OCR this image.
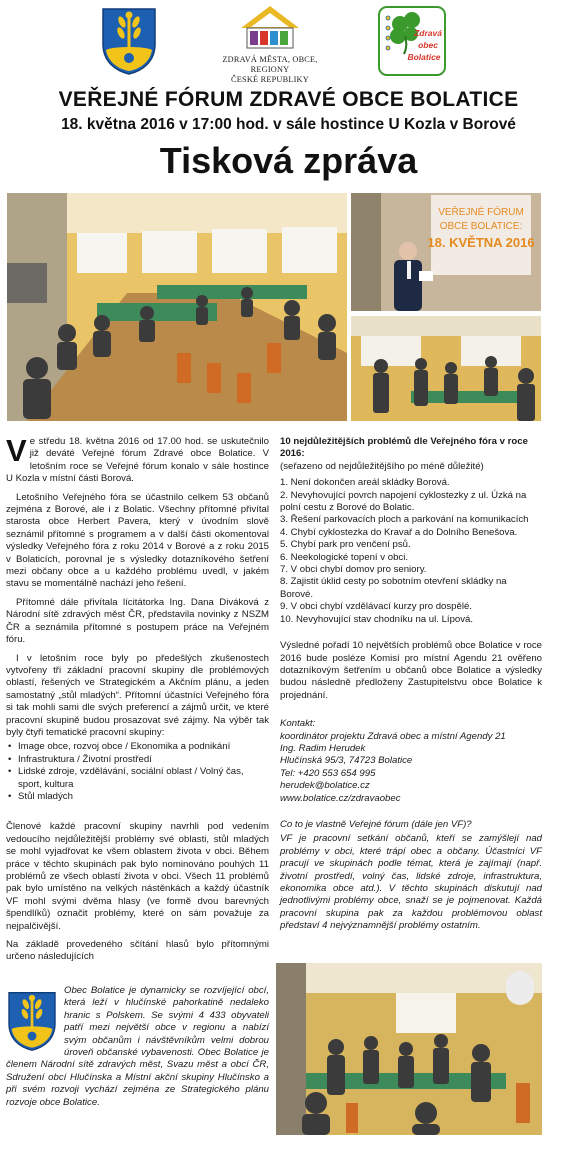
ZDRAVÁ MĚSTA, OBCE, REGIONY
ČESKÉ REPUBLIKY
Zdravá
obec
Bolatice
VEŘEJNÉ FÓRUM ZDRAVÉ OBCE BOLATICE
18. května 2016 v 17:00 hod. v sále hostince U Kozla v Borové
Tisková zpráva
VEŘEJNÉ FÓRUM
OBCE BOLATICE:
18. KVĚTNA 2016

Ve středu 18. května 2016 od 17.00 hod. se uskutečnilo již deváté Veřejné fórum Zdravé obce Bolatice. V letošním roce se Veřejné fórum konalo v sále hostince U Kozla v místní části Borová.

Letošního Veřejného fóra se účastnilo celkem 53 občanů zejména z Borové, ale i z Bolatic. Všechny přítomné přivítal starosta obce Herbert Pavera, který v úvodním slově seznámil přítomné s programem a v další části okomentoval výsledky Veřejného fóra z roku 2014 v Borové a z roku 2015 v Bolaticích, porovnal je s výsledky dotazníkového šetření mezi občany obce a u každého problému uvedl, v jakém stavu se momentálně nachází jeho řešení.

Přítomné dále přivítala lícitátorka Ing. Dana Diváková z Národní sítě zdravých měst ČR, představila novinky z NSZM ČR a seznámila přítomné s postupem práce na Veřejném fóru.

I v letošním roce byly po předešlých zkušenostech vytvořeny tři základní pracovní skupiny dle problémových oblastí, řešených ve Strategickém a Akčním plánu, a jeden samostatný „stůl mladých“. Přítomní účastníci Veřejného fóra si tak mohli sami dle svých preferencí a zájmů určit, ve které pracovní skupině budou prosazovat své zájmy. Na výběr tak byly čtyři tematické pracovní skupiny:

• Image obce, rozvoj obce / Ekonomika a podnikání
• Infrastruktura / Životní prostředí
• Lidské zdroje, vzdělávání, sociální oblast / Volný čas, sport, kultura
• Stůl mladých

Členové každé pracovní skupiny navrhli pod vedením vedoucího nejdůležitější problémy své oblasti, stůl mladých se mohl vyjadřovat ke všem oblastem života v obci. Během práce v těchto skupinách pak bylo nominováno pouhých 11 problémů ze všech oblastí života v obci. Všech 11 problémů pak bylo umístěno na velkých nástěnkách a každý účastník VF mohl svými dvěma hlasy (ve formě dvou barevných špendlíků) označit problémy, které on sám považuje za nejpalčivější.

Na základě provedeného sčítání hlasů bylo přítomnými určeno následujících

Obec Bolatice je dynamicky se rozvíjející obcí, která leží v hlučínské pahorkatině nedaleko hranic s Polskem. Se svými 4 433 obyvateli patří mezi největší obce v regionu a nabízí svým občanům i návštěvníkům velmi dobrou úroveň občanské vybavenosti. Obec Bolatice je členem Národní sítě zdravých měst, Svazu měst a obcí ČR, Sdružení obcí Hlučínska a Místní akční skupiny Hlučínsko a při svém rozvoji vychází zejména ze Strategického plánu rozvoje obce Bolatice.

10 nejdůležitějších problémů dle Veřejného fóra v roce 2016:
(seřazeno od nejdůležitějšího po méně důležité)
1. Není dokončen areál skládky Borová.
2. Nevyhovující povrch napojení cyklostezky z ul. Úzká na polní cestu z Borové do Bolatic.
3. Řešení parkovacích ploch a parkování na komunikacích
4. Chybí cyklostezka do Kravař a do Dolního Benešova.
5. Chybí park pro venčení psů.
6. Neekologické topení v obci.
7. V obci chybí domov pro seniory.
8. Zajistit úklid cesty po sobotním otevření skládky na Borové.
9. V obci chybí vzdělávací kurzy pro dospělé.
10. Nevyhovující stav chodníku na ul. Lípová.

Výsledné pořadí 10 největších problémů obce Bolatice v roce 2016 bude posléze Komisí pro místní Agendu 21 ověřeno dotazníkovým šetřením u občanů obce Bolatice a výsledky budou následně předloženy Zastupitelstvu obce Bolatice k projednání.

Kontakt:
koordinátor projektu Zdravá obec a místní Agendy 21
Ing. Radim Herudek
Hlučínská 95/3, 74723 Bolatice
Tel: +420 553 654 995
herudek@bolatice.cz
www.bolatice.cz/zdravaobec
Co to je vlastně Veřejné fórum (dále jen VF)?

VF je pracovní setkání občanů, kteří se zamýšlejí nad problémy v obci, které trápí obec a občany. Účastníci VF pracují ve skupinách podle témat, která je zajímají (např. životní prostředí, volný čas, lidské zdroje, infrastruktura, ekonomika obce atd.). V těchto skupinách diskutují nad jednotlivými problémy obce, snaží se je pojmenovat. Každá pracovní skupina pak za každou problémovou oblast představí 4 nejvýznamnější problémy ostatním.
